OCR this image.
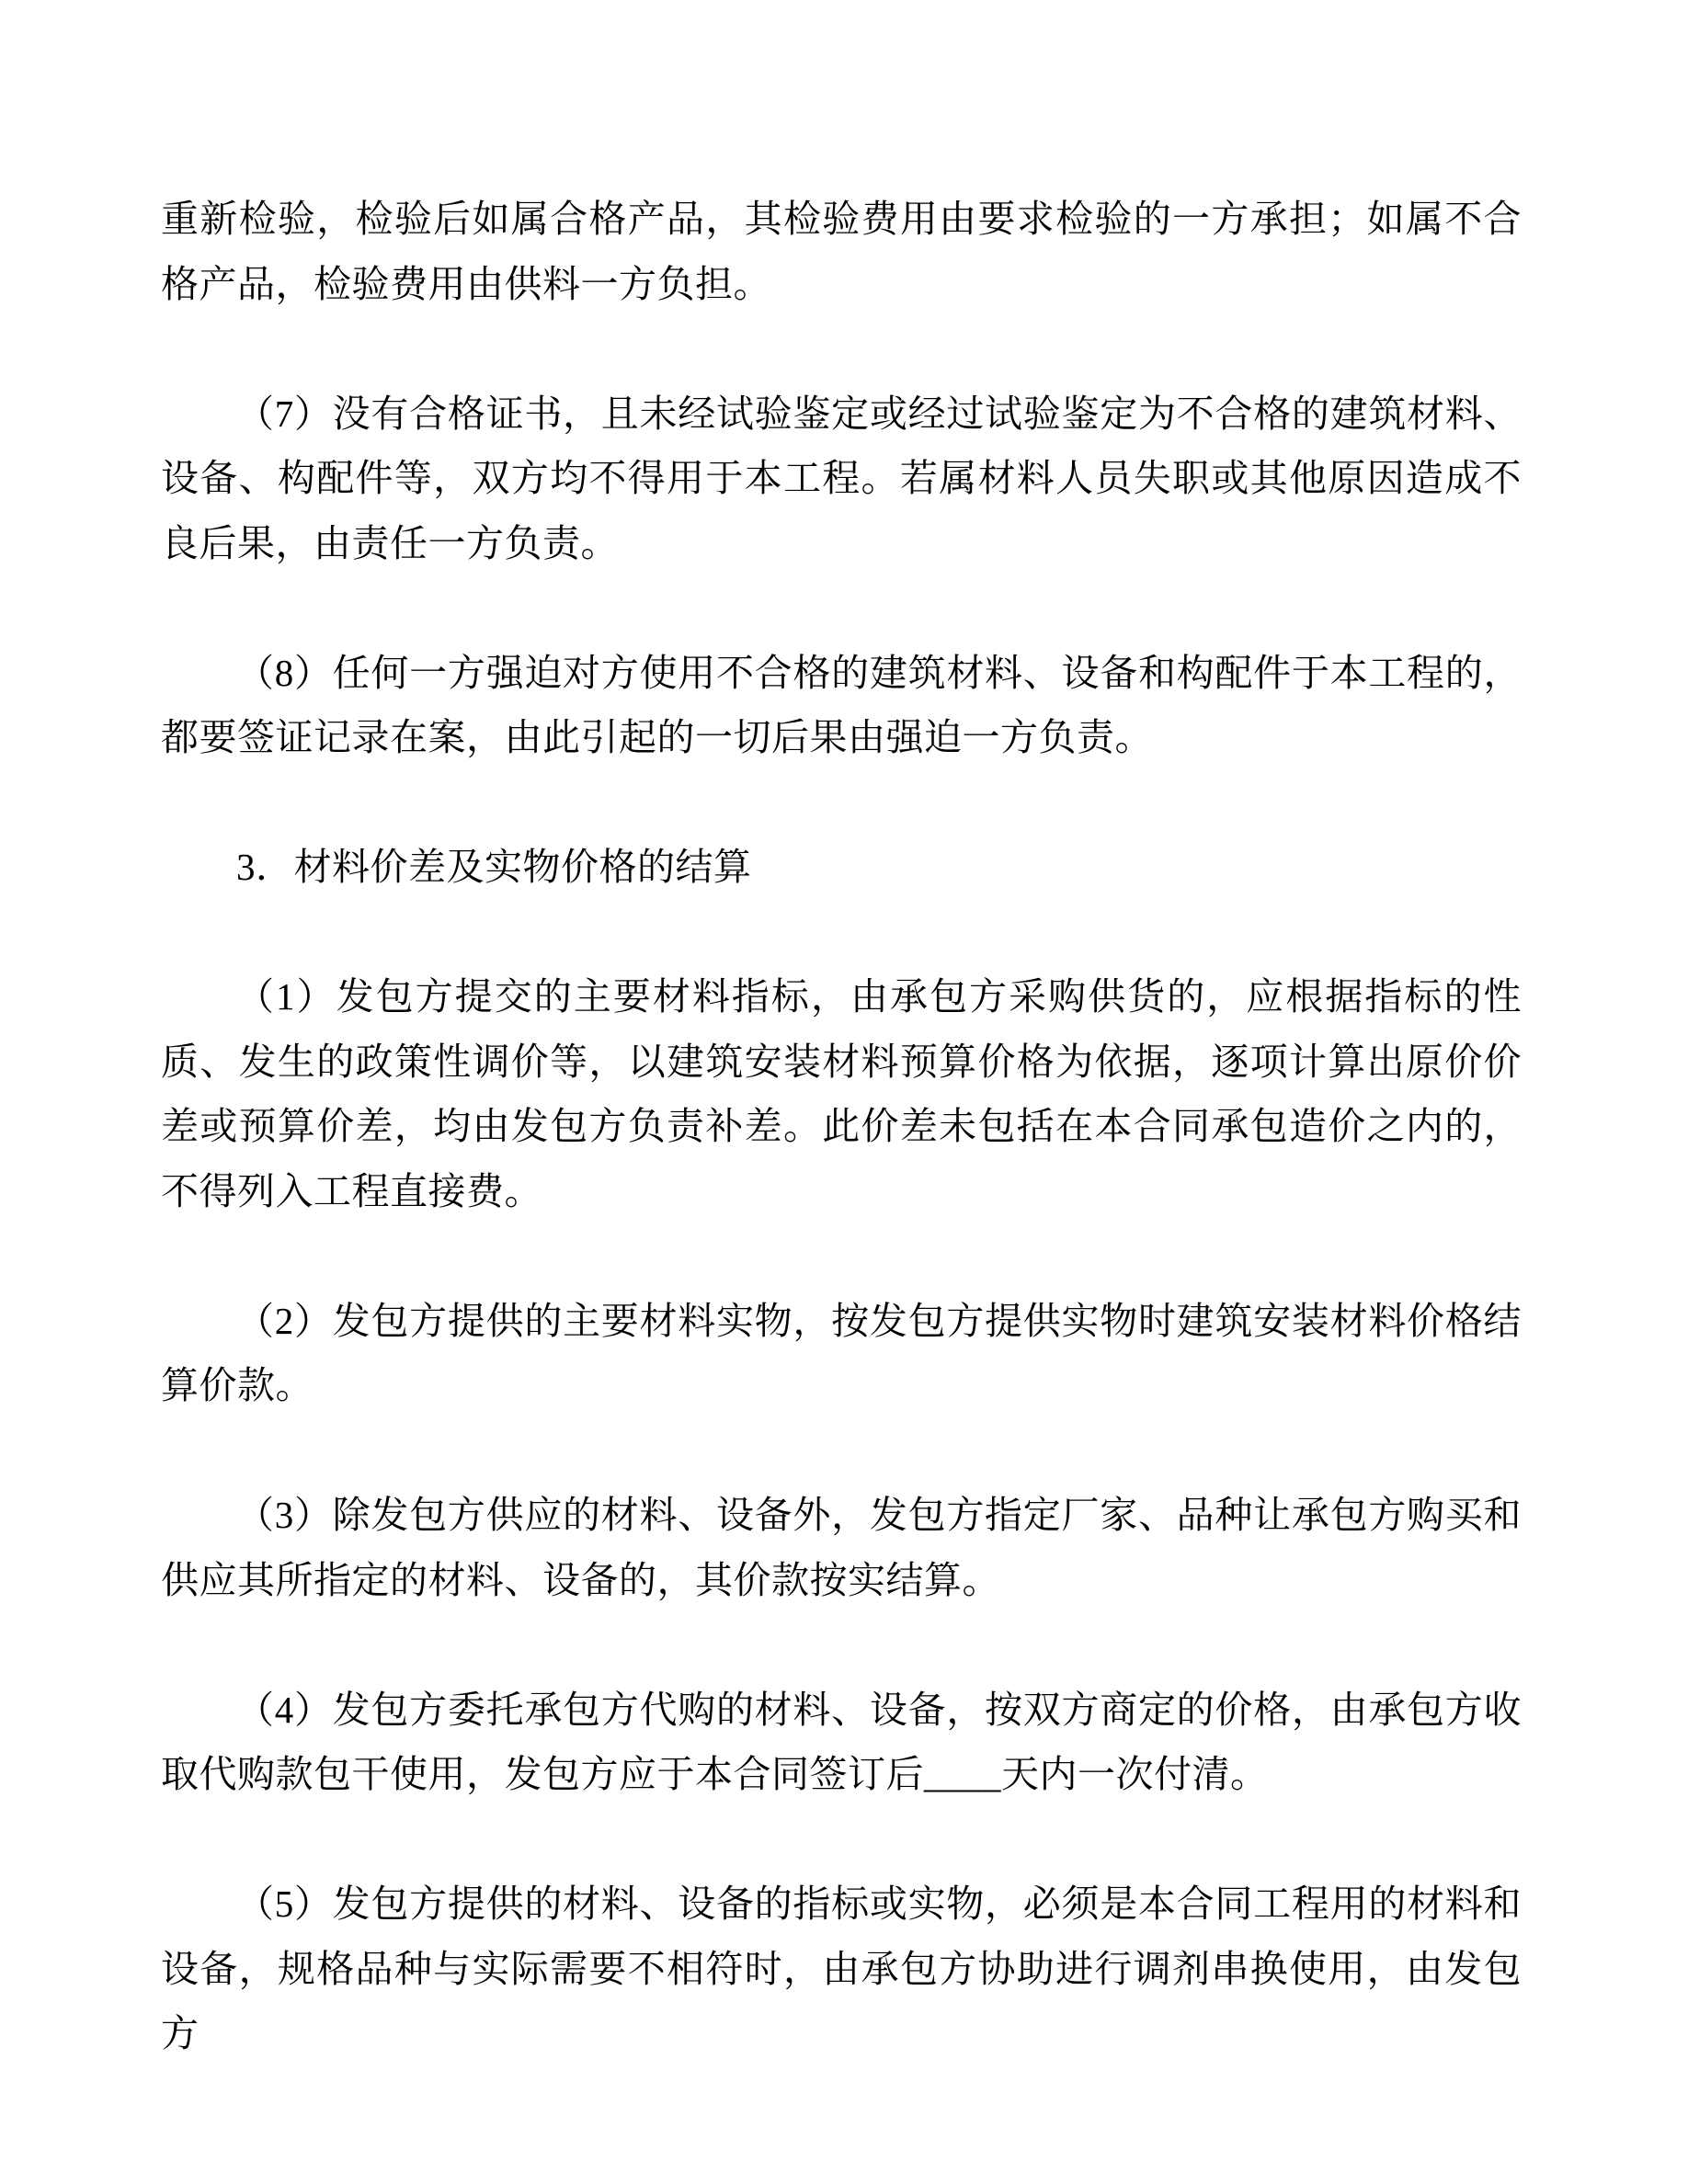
重新检验，检验后如属合格产品，其检验费用由要求检验的一方承担；如属不合格产品，检验费用由供料一方负担。

（7）没有合格证书，且未经试验鉴定或经过试验鉴定为不合格的建筑材料、设备、构配件等，双方均不得用于本工程。若属材料人员失职或其他原因造成不良后果，由责任一方负责。

（8）任何一方强迫对方使用不合格的建筑材料、设备和构配件于本工程的，都要签证记录在案，由此引起的一切后果由强迫一方负责。

3．材料价差及实物价格的结算

（1）发包方提交的主要材料指标，由承包方采购供货的，应根据指标的性质、发生的政策性调价等，以建筑安装材料预算价格为依据，逐项计算出原价价差或预算价差，均由发包方负责补差。此价差未包括在本合同承包造价之内的，不得列入工程直接费。

（2）发包方提供的主要材料实物，按发包方提供实物时建筑安装材料价格结算价款。

（3）除发包方供应的材料、设备外，发包方指定厂家、品种让承包方购买和供应其所指定的材料、设备的，其价款按实结算。

（4）发包方委托承包方代购的材料、设备，按双方商定的价格，由承包方收取代购款包干使用，发包方应于本合同签订后____天内一次付清。

（5）发包方提供的材料、设备的指标或实物，必须是本合同工程用的材料和设备，规格品种与实际需要不相符时，由承包方协助进行调剂串换使用，由发包方
